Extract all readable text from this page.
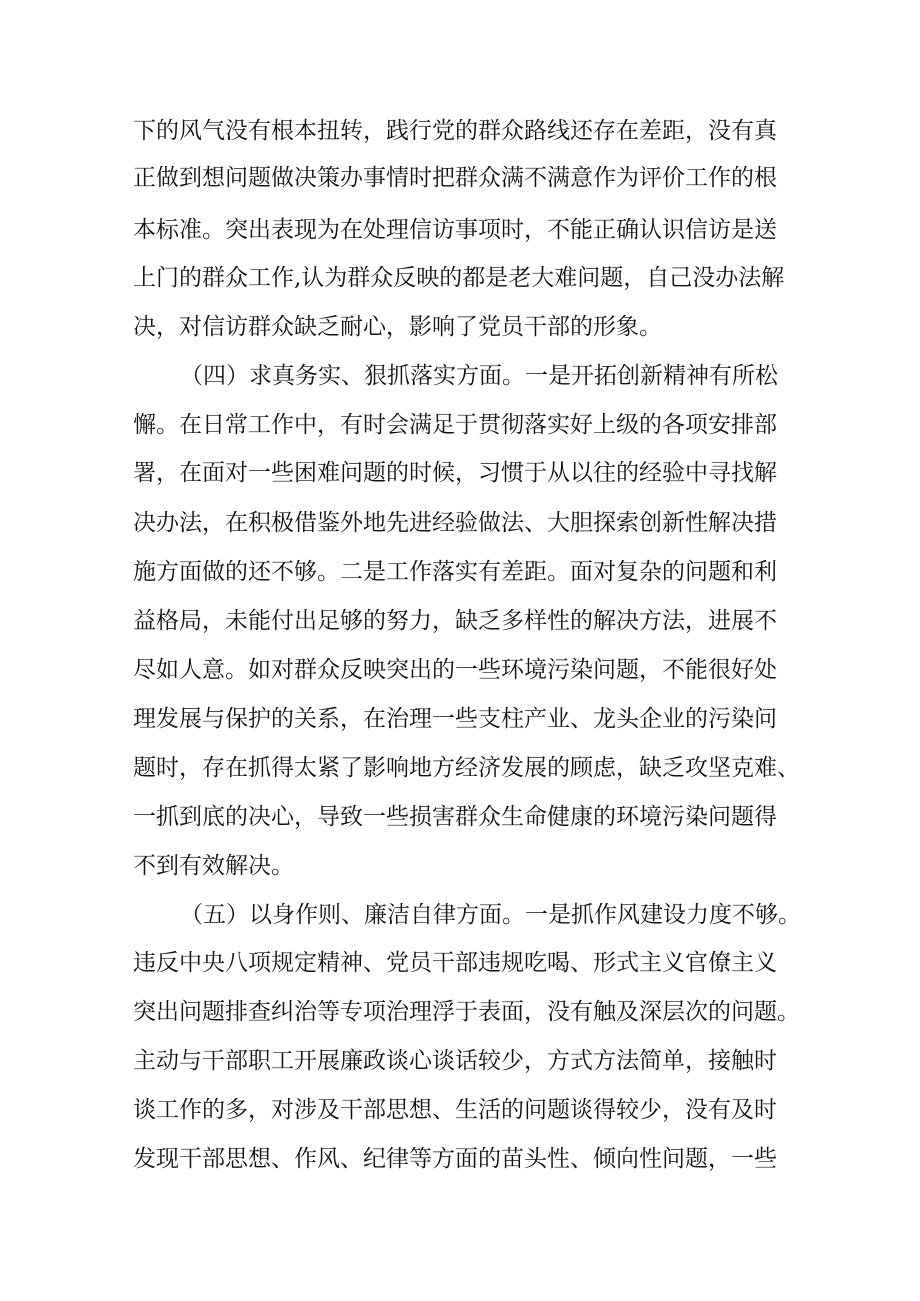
下的风气没有根本扭转，践行党的群众路线还存在差距，没有真
正做到想问题做决策办事情时把群众满不满意作为评价工作的根
本标准。突出表现为在处理信访事项时，不能正确认识信访是送
上门的群众工作,认为群众反映的都是老大难问题，自己没办法解
决，对信访群众缺乏耐心，影响了党员干部的形象。
（四）求真务实、狠抓落实方面。一是开拓创新精神有所松
懈。在日常工作中，有时会满足于贯彻落实好上级的各项安排部
署，在面对一些困难问题的时候，习惯于从以往的经验中寻找解
决办法，在积极借鉴外地先进经验做法、大胆探索创新性解决措
施方面做的还不够。二是工作落实有差距。面对复杂的问题和利
益格局，未能付出足够的努力，缺乏多样性的解决方法，进展不
尽如人意。如对群众反映突出的一些环境污染问题，不能很好处
理发展与保护的关系，在治理一些支柱产业、龙头企业的污染问
题时，存在抓得太紧了影响地方经济发展的顾虑，缺乏攻坚克难、
一抓到底的决心，导致一些损害群众生命健康的环境污染问题得
不到有效解决。
（五）以身作则、廉洁自律方面。一是抓作风建设力度不够。
违反中央八项规定精神、党员干部违规吃喝、形式主义官僚主义
突出问题排查纠治等专项治理浮于表面，没有触及深层次的问题。
主动与干部职工开展廉政谈心谈话较少，方式方法简单，接触时
谈工作的多，对涉及干部思想、生活的问题谈得较少，没有及时
发现干部思想、作风、纪律等方面的苗头性、倾向性问题，一些
